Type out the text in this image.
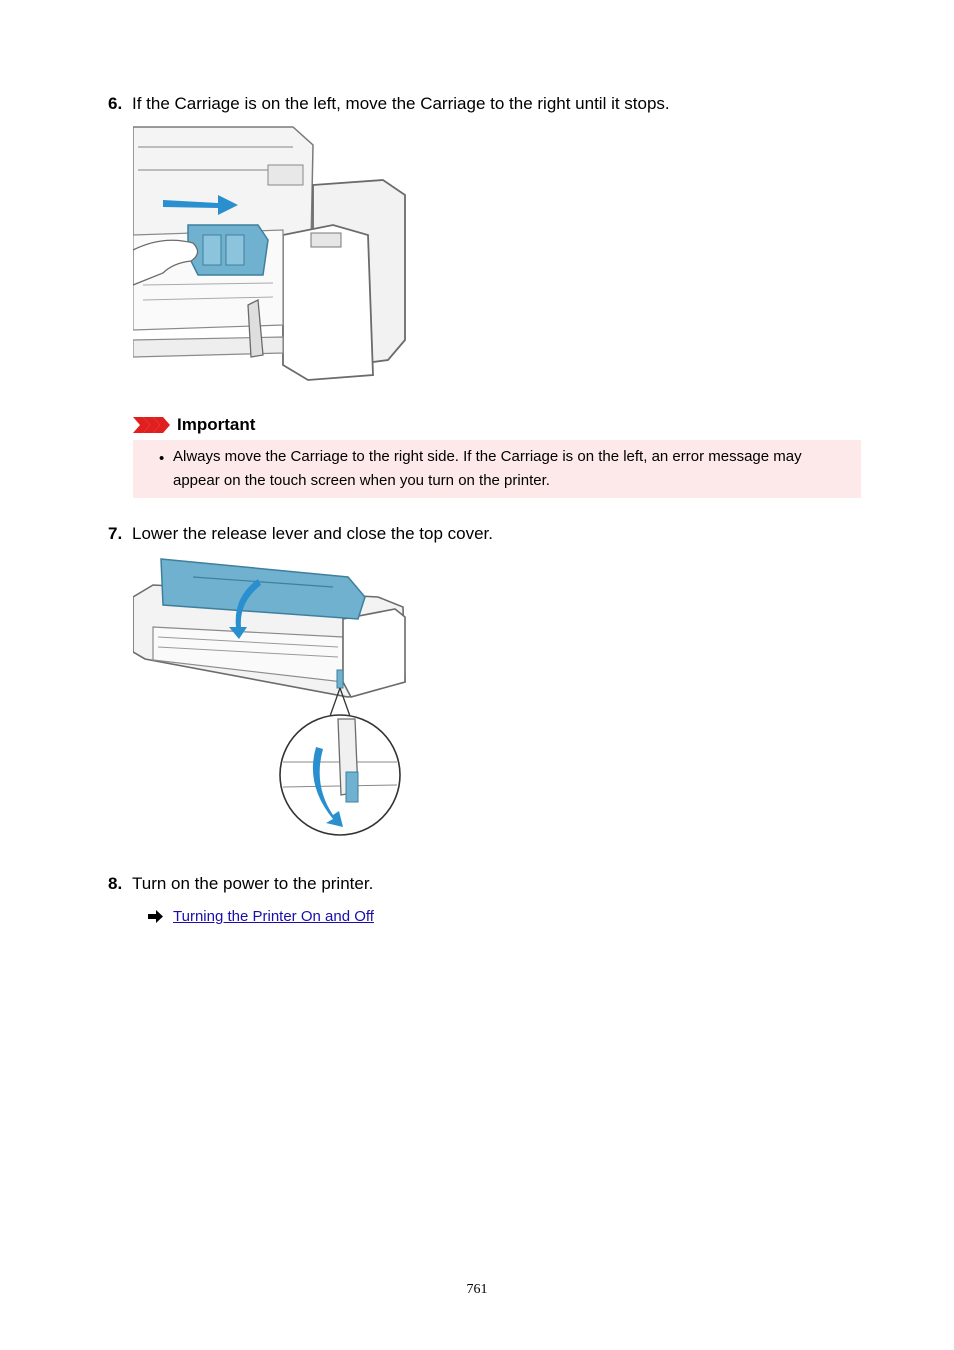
6. If the Carriage is on the left, move the Carriage to the right until it stops.
Important
• Always move the Carriage to the right side. If the Carriage is on the left, an error message may appear on the touch screen when you turn on the printer.
7. Lower the release lever and close the top cover.
8. Turn on the power to the printer.
Turning the Printer On and Off
761
